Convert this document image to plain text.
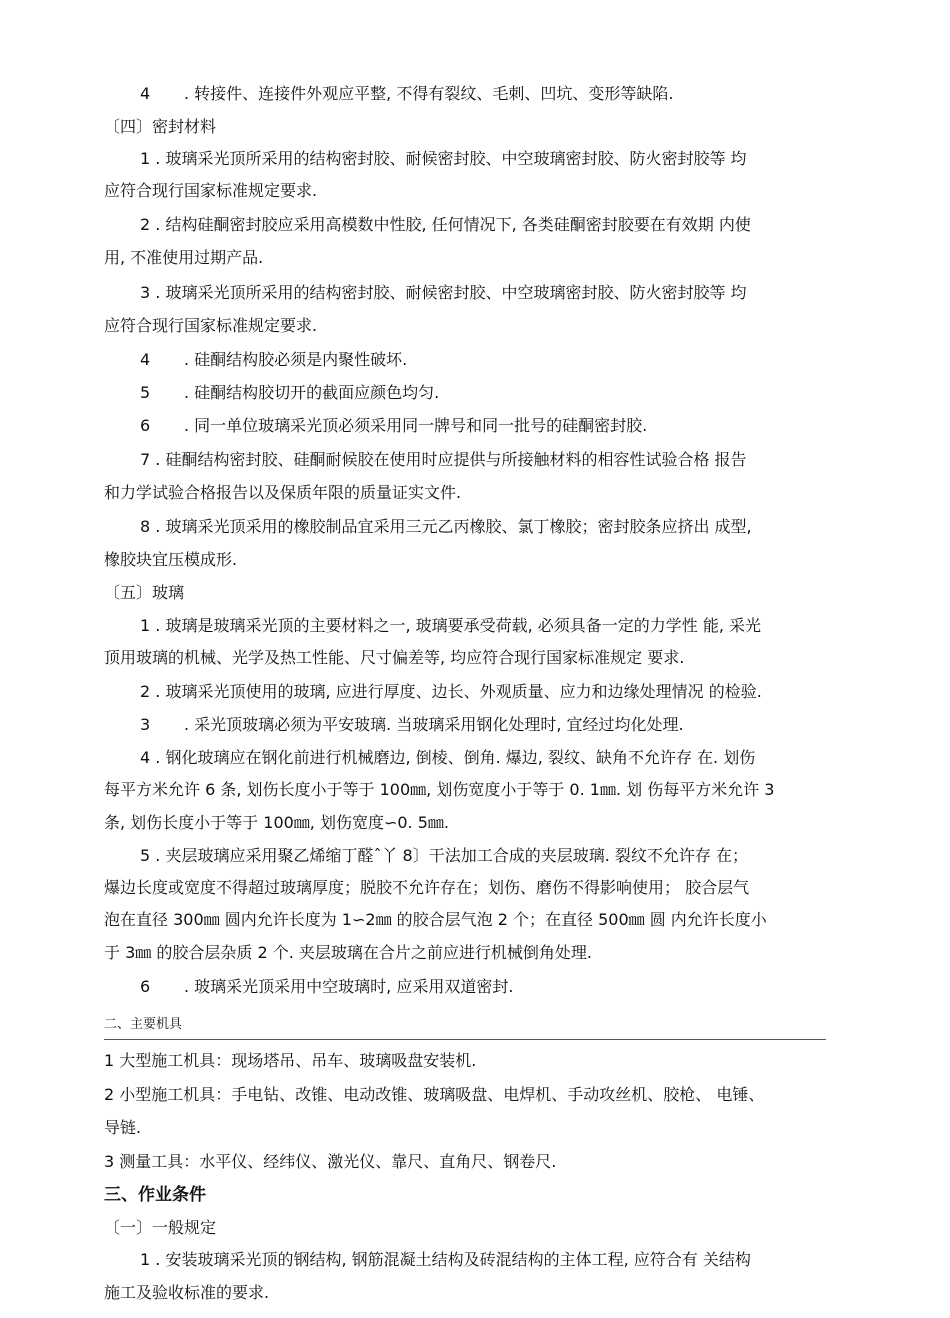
4 . 转接件、连接件外观应平整, 不得有裂纹、毛刺、凹坑、变形等缺陷.
〔四〕密封材料
1 . 玻璃采光顶所采用的结构密封胶、耐候密封胶、中空玻璃密封胶、防火密封胶等 均
应符合现行国家标准规定要求.
2 . 结构硅酮密封胶应采用高模数中性胶, 任何情况下, 各类硅酮密封胶要在有效期 内使
用, 不准使用过期产品.
3 . 玻璃采光顶所采用的结构密封胶、耐候密封胶、中空玻璃密封胶、防火密封胶等 均
应符合现行国家标准规定要求.
4 . 硅酮结构胶必须是内聚性破坏.
5 . 硅酮结构胶切开的截面应颜色均匀.
6 . 同一单位玻璃采光顶必须采用同一牌号和同一批号的硅酮密封胶.
7 . 硅酮结构密封胶、硅酮耐候胶在使用时应提供与所接触材料的相容性试验合格 报告
和力学试验合格报告以及保质年限的质量证实文件.
8 . 玻璃采光顶采用的橡胶制品宜采用三元乙丙橡胶、氯丁橡胶；密封胶条应挤出 成型,
橡胶块宜压模成形.
〔五〕玻璃
1 . 玻璃是玻璃采光顶的主要材料之一, 玻璃要承受荷载, 必须具备一定的力学性 能, 采光
顶用玻璃的机械、光学及热工性能、尺寸偏差等, 均应符合现行国家标准规定 要求.
2 . 玻璃采光顶使用的玻璃, 应进行厚度、边长、外观质量、应力和边缘处理情况 的检验.
3 . 采光顶玻璃必须为平安玻璃. 当玻璃采用钢化处理时, 宜经过均化处理.
4 . 钢化玻璃应在钢化前进行机械磨边, 倒棱、倒角. 爆边, 裂纹、缺角不允许存 在. 划伤
每平方米允许 6 条, 划伤长度小于等于 100㎜, 划伤宽度小于等于 0. 1㎜. 划 伤每平方米允许 3
条, 划伤长度小于等于 100㎜, 划伤宽度∽0. 5㎜.
5 . 夹层玻璃应采用聚乙烯缩丁醛ˆ丫 8〕干法加工合成的夹层玻璃. 裂纹不允许存 在；
爆边长度或宽度不得超过玻璃厚度；脱胶不允许存在；划伤、磨伤不得影响使用； 胶合层气
泡在直径 300㎜ 圆内允许长度为 1∽2㎜ 的胶合层气泡 2 个；在直径 500㎜ 圆 内允许长度小
于 3㎜ 的胶合层杂质 2 个. 夹层玻璃在合片之前应进行机械倒角处理.
6 . 玻璃采光顶采用中空玻璃时, 应采用双道密封.
二、主要机具
1 大型施工机具：现场塔吊、吊车、玻璃吸盘安装机.
2 小型施工机具：手电钻、改锥、电动改锥、玻璃吸盘、电焊机、手动攻丝机、胶枪、 电锤、
导链.
3 测量工具：水平仪、经纬仪、激光仪、靠尺、直角尺、钢卷尺.
三、作业条件
〔一〕一般规定
1 . 安装玻璃采光顶的钢结构, 钢筋混凝土结构及砖混结构的主体工程, 应符合有 关结构
施工及验收标准的要求.
